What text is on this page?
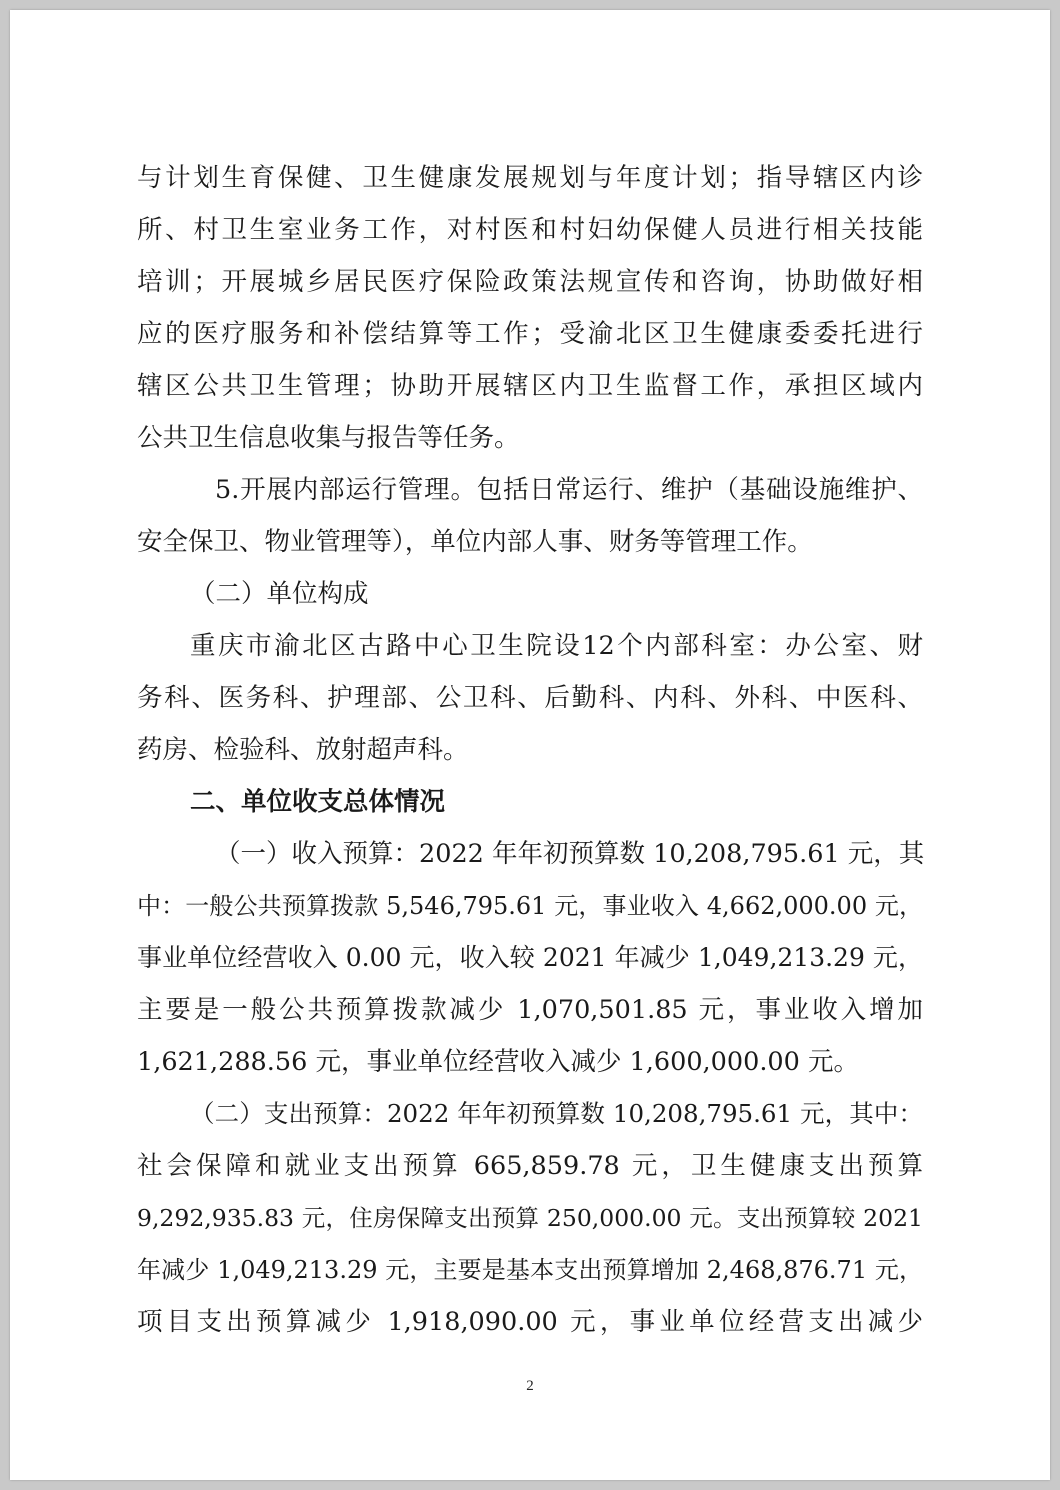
与计划生育保健、卫生健康发展规划与年度计划；指导辖区内诊
所、村卫生室业务工作，对村医和村妇幼保健人员进行相关技能
培训；开展城乡居民医疗保险政策法规宣传和咨询，协助做好相
应的医疗服务和补偿结算等工作；受渝北区卫生健康委委托进行
辖区公共卫生管理；协助开展辖区内卫生监督工作，承担区域内
公共卫生信息收集与报告等任务。
5.开展内部运行管理。包括日常运行、维护（基础设施维护、
安全保卫、物业管理等），单位内部人事、财务等管理工作。
（二）单位构成
重庆市渝北区古路中心卫生院设12个内部科室：办公室、财
务科、医务科、护理部、公卫科、后勤科、内科、外科、中医科、
药房、检验科、放射超声科。
二、单位收支总体情况
（一）收入预算：2022 年年初预算数 10,208,795.61 元，其
中：一般公共预算拨款 5,546,795.61 元，事业收入 4,662,000.00 元，
事业单位经营收入 0.00 元，收入较 2021 年减少 1,049,213.29 元，
主要是一般公共预算拨款减少 1,070,501.85 元，事业收入增加
1,621,288.56 元，事业单位经营收入减少 1,600,000.00 元。
（二）支出预算：2022 年年初预算数 10,208,795.61 元，其中：
社会保障和就业支出预算 665,859.78 元，卫生健康支出预算
9,292,935.83 元，住房保障支出预算 250,000.00 元。支出预算较 2021
年减少 1,049,213.29 元，主要是基本支出预算增加 2,468,876.71 元，
项目支出预算减少 1,918,090.00 元，事业单位经营支出减少
2
